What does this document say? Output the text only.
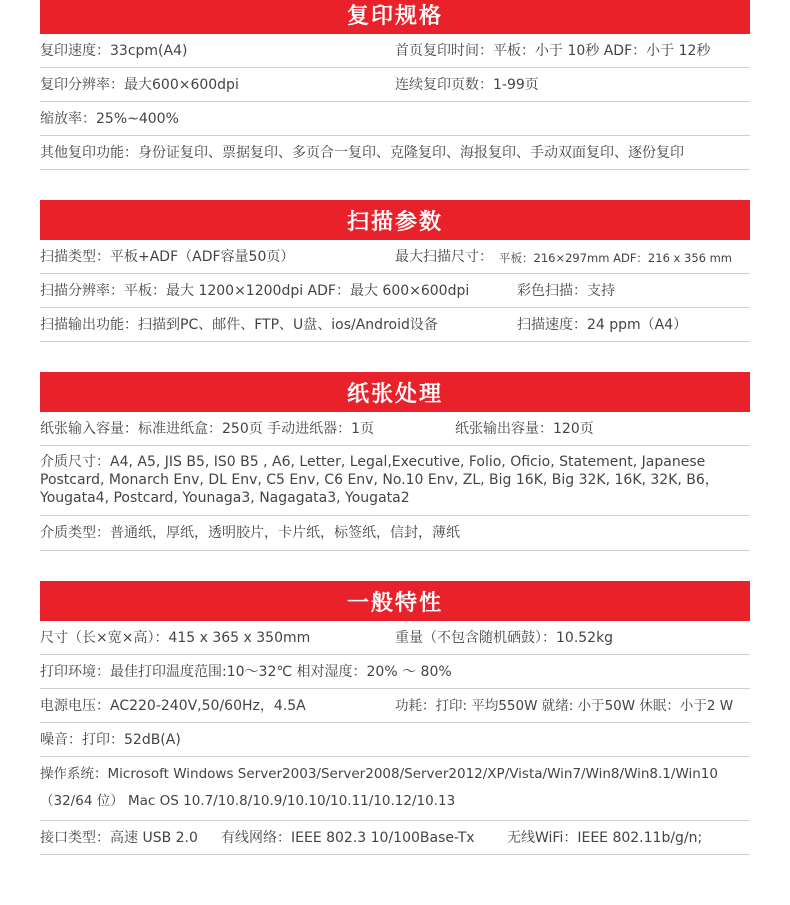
复印规格
复印速度：33cpm(A4)	首页复印时间：平板：小于 10秒 ADF：小于 12秒
复印分辨率：最大600×600dpi	连续复印页数：1-99页
缩放率：25%~400%
其他复印功能：身份证复印、票据复印、多页合一复印、克隆复印、海报复印、手动双面复印、逐份复印
扫描参数
扫描类型：平板+ADF（ADF容量50页）	最大扫描尺寸： 平板：216×297mm ADF：216 x 356 mm
扫描分辨率：平板：最大 1200×1200dpi ADF：最大 600×600dpi	彩色扫描：支持
扫描输出功能：扫描到PC、邮件、FTP、U盘、ios/Android设备	扫描速度：24 ppm（A4）
纸张处理
纸张输入容量：标准进纸盒：250页 手动进纸器：1页	纸张输出容量：120页
介质尺寸：A4, A5, JIS B5, IS0 B5 , A6, Letter, Legal,Executive, Folio, Oficio, Statement, Japanese Postcard, Monarch Env, DL Env, C5 Env, C6 Env, No.10 Env, ZL, Big 16K, Big 32K, 16K, 32K, B6， Yougata4, Postcard, Younaga3, Nagagata3, Yougata2
介质类型：普通纸，厚纸，透明胶片，卡片纸，标签纸，信封，薄纸
一般特性
尺寸（长×宽×高）：415 x 365 x 350mm	重量（不包含随机硒鼓）：10.52kg
打印环境：最佳打印温度范围:10～32℃ 相对湿度：20% ～ 80%
电源电压：AC220-240V,50/60Hz，4.5A	功耗：打印: 平均550W 就绪: 小于50W 休眠：小于2 W
噪音：打印：52dB(A)
操作系统：Microsoft Windows Server2003/Server2008/Server2012/XP/Vista/Win7/Win8/Win8.1/Win10（32/64 位） Mac OS 10.7/10.8/10.9/10.10/10.11/10.12/10.13
接口类型：高速 USB 2.0 有线网络：IEEE 802.3 10/100Base-Tx 无线WiFi：IEEE 802.11b/g/n;
